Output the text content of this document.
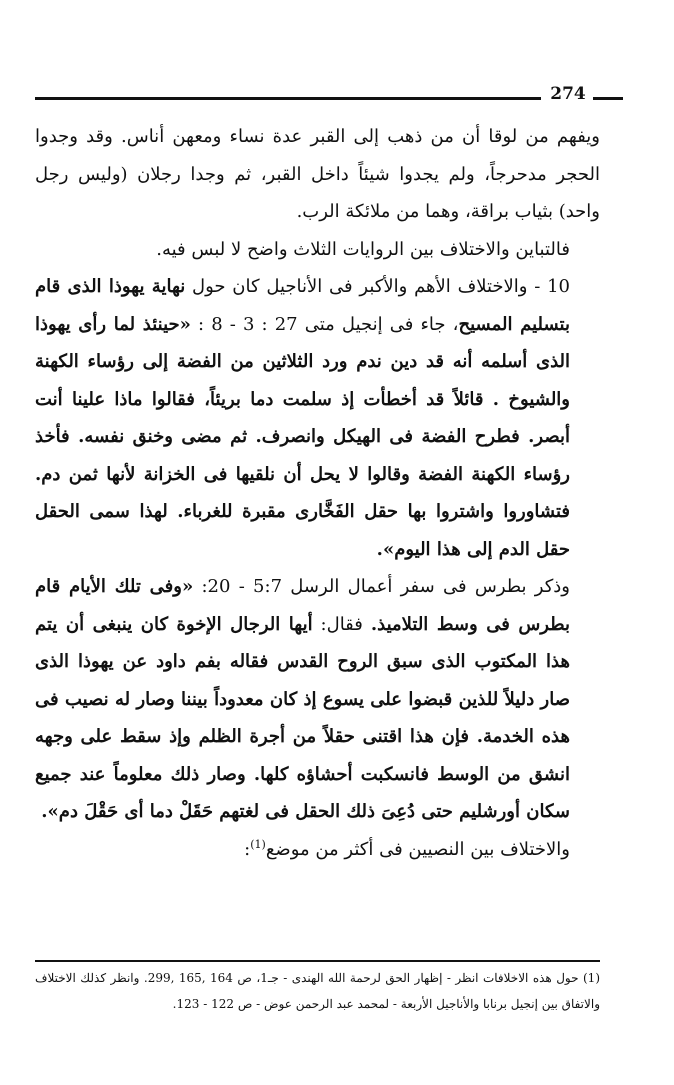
274

ويفهم من لوقا أن من ذهب إلى القبر عدة نساء ومعهن أناس. وقد وجدوا الحجر مدحرجاً، ولم يجدوا شيئاً داخل القبر، ثم وجدا رجلان (وليس رجل واحد) بثياب براقة، وهما من ملائكة الرب.

فالتباين والاختلاف بين الروايات الثلاث واضح لا لبس فيه.

10 - والاختلاف الأهم والأكبر فى الأناجيل كان حول نهاية يهوذا الذى قام بتسليم المسيح، جاء فى إنجيل متى 27 : 3 - 8 : «حينئذ لما رأى يهوذا الذى أسلمه أنه قد دين ندم ورد الثلاثين من الفضة إلى رؤساء الكهنة والشيوخ . قائلاً قد أخطأت إذ سلمت دما بريئاً، فقالوا ماذا علينا أنت أبصر. فطرح الفضة فى الهيكل وانصرف. ثم مضى وخنق نفسه. فأخذ رؤساء الكهنة الفضة وقالوا لا يحل أن نلقيها فى الخزانة لأنها ثمن دم. فتشاوروا واشتروا بها حقل الفَخَّارى مقبرة للغرباء. لهذا سمى الحقل حقل الدم إلى هذا اليوم».

وذكر بطرس فى سفر أعمال الرسل 5:7 - 20: «وفى تلك الأيام قام بطرس فى وسط التلاميذ. فقال: أيها الرجال الإخوة كان ينبغى أن يتم هذا المكتوب الذى سبق الروح القدس فقاله بفم داود عن يهوذا الذى صار دليلاً للذين قبضوا على يسوع إذ كان معدوداً بيننا وصار له نصيب فى هذه الخدمة. فإن هذا اقتنى حقلاً من أجرة الظلم وإذ سقط على وجهه انشق من الوسط فانسكبت أحشاؤه كلها. وصار ذلك معلوماً عند جميع سكان أورشليم حتى دُعِىَ ذلك الحقل فى لغتهم حَقَلْ دما أى حَقْلَ دم».

والاختلاف بين النصيين فى أكثر من موضع$^{(1)}$:

(1) حول هذه الاخلافات انظر - إظهار الحق لرحمة الله الهندى - جـ1، ص 164 ,165 ,299. وانظر كذلك الاختلاف والاتفاق بين إنجيل برنابا والأناجيل الأربعة - لمحمد عبد الرحمن عوض - ص 122 - 123.
